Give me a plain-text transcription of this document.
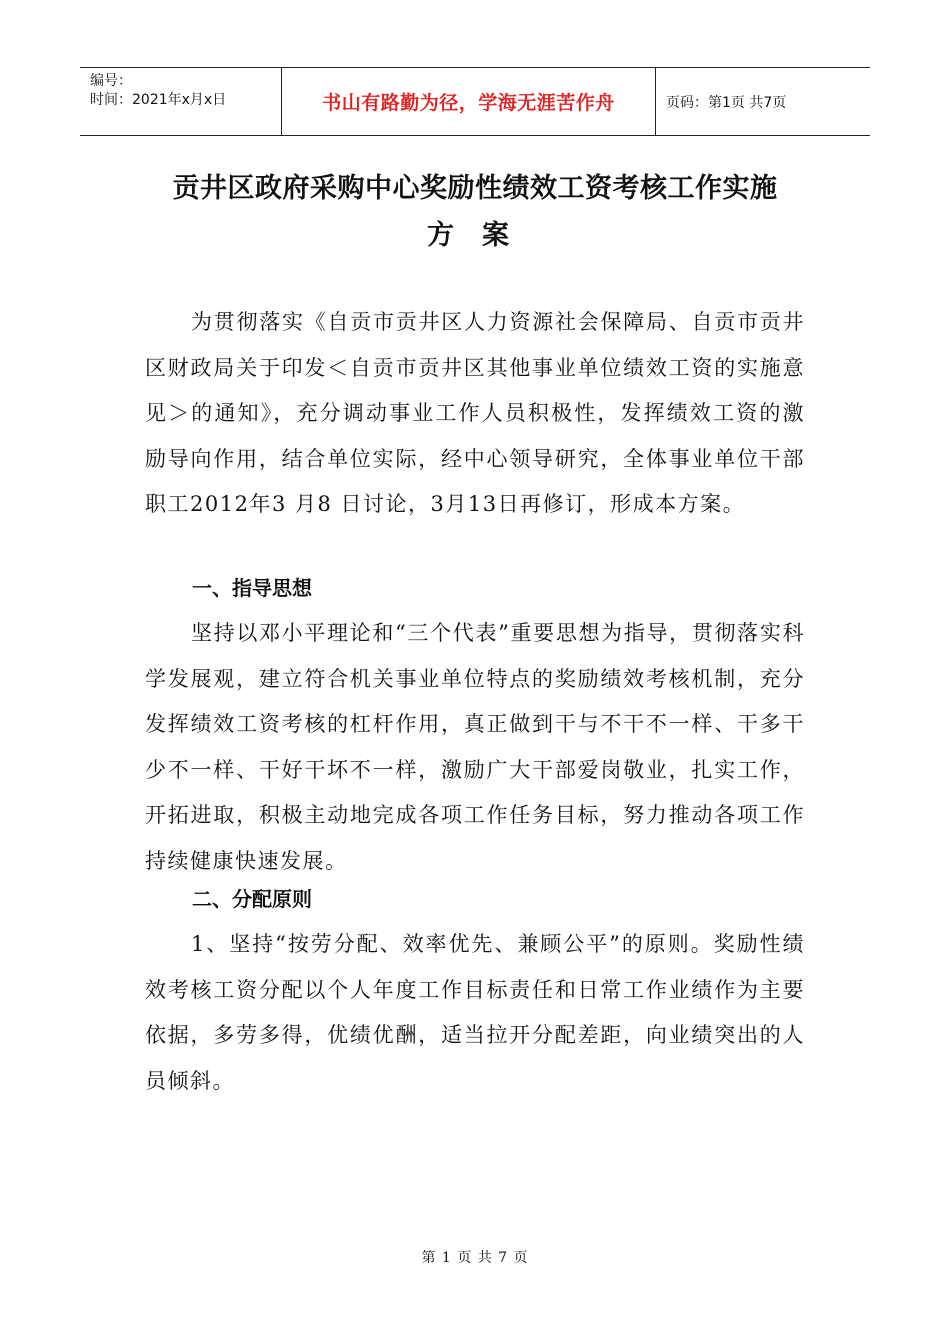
编号：
时间：2021年x月x日	书山有路勤为径，学海无涯苦作舟	页码：第1页 共7页
贡井区政府采购中心奖励性绩效工资考核工作实施
方案

为贯彻落实《自贡市贡井区人力资源社会保障局、自贡市贡井区财政局关于印发＜自贡市贡井区其他事业单位绩效工资的实施意见＞的通知》，充分调动事业工作人员积极性，发挥绩效工资的激励导向作用，结合单位实际，经中心领导研究，全体事业单位干部职工2012年3 月8 日讨论，3月13日再修订，形成本方案。

一、指导思想

坚持以邓小平理论和“三个代表”重要思想为指导，贯彻落实科学发展观，建立符合机关事业单位特点的奖励绩效考核机制，充分发挥绩效工资考核的杠杆作用，真正做到干与不干不一样、干多干少不一样、干好干坏不一样，激励广大干部爱岗敬业，扎实工作，开拓进取，积极主动地完成各项工作任务目标，努力推动各项工作持续健康快速发展。

二、分配原则

1、坚持“按劳分配、效率优先、兼顾公平”的原则。奖励性绩效考核工资分配以个人年度工作目标责任和日常工作业绩作为主要依据，多劳多得，优绩优酬，适当拉开分配差距，向业绩突出的人员倾斜。

第 1 页 共 7 页
